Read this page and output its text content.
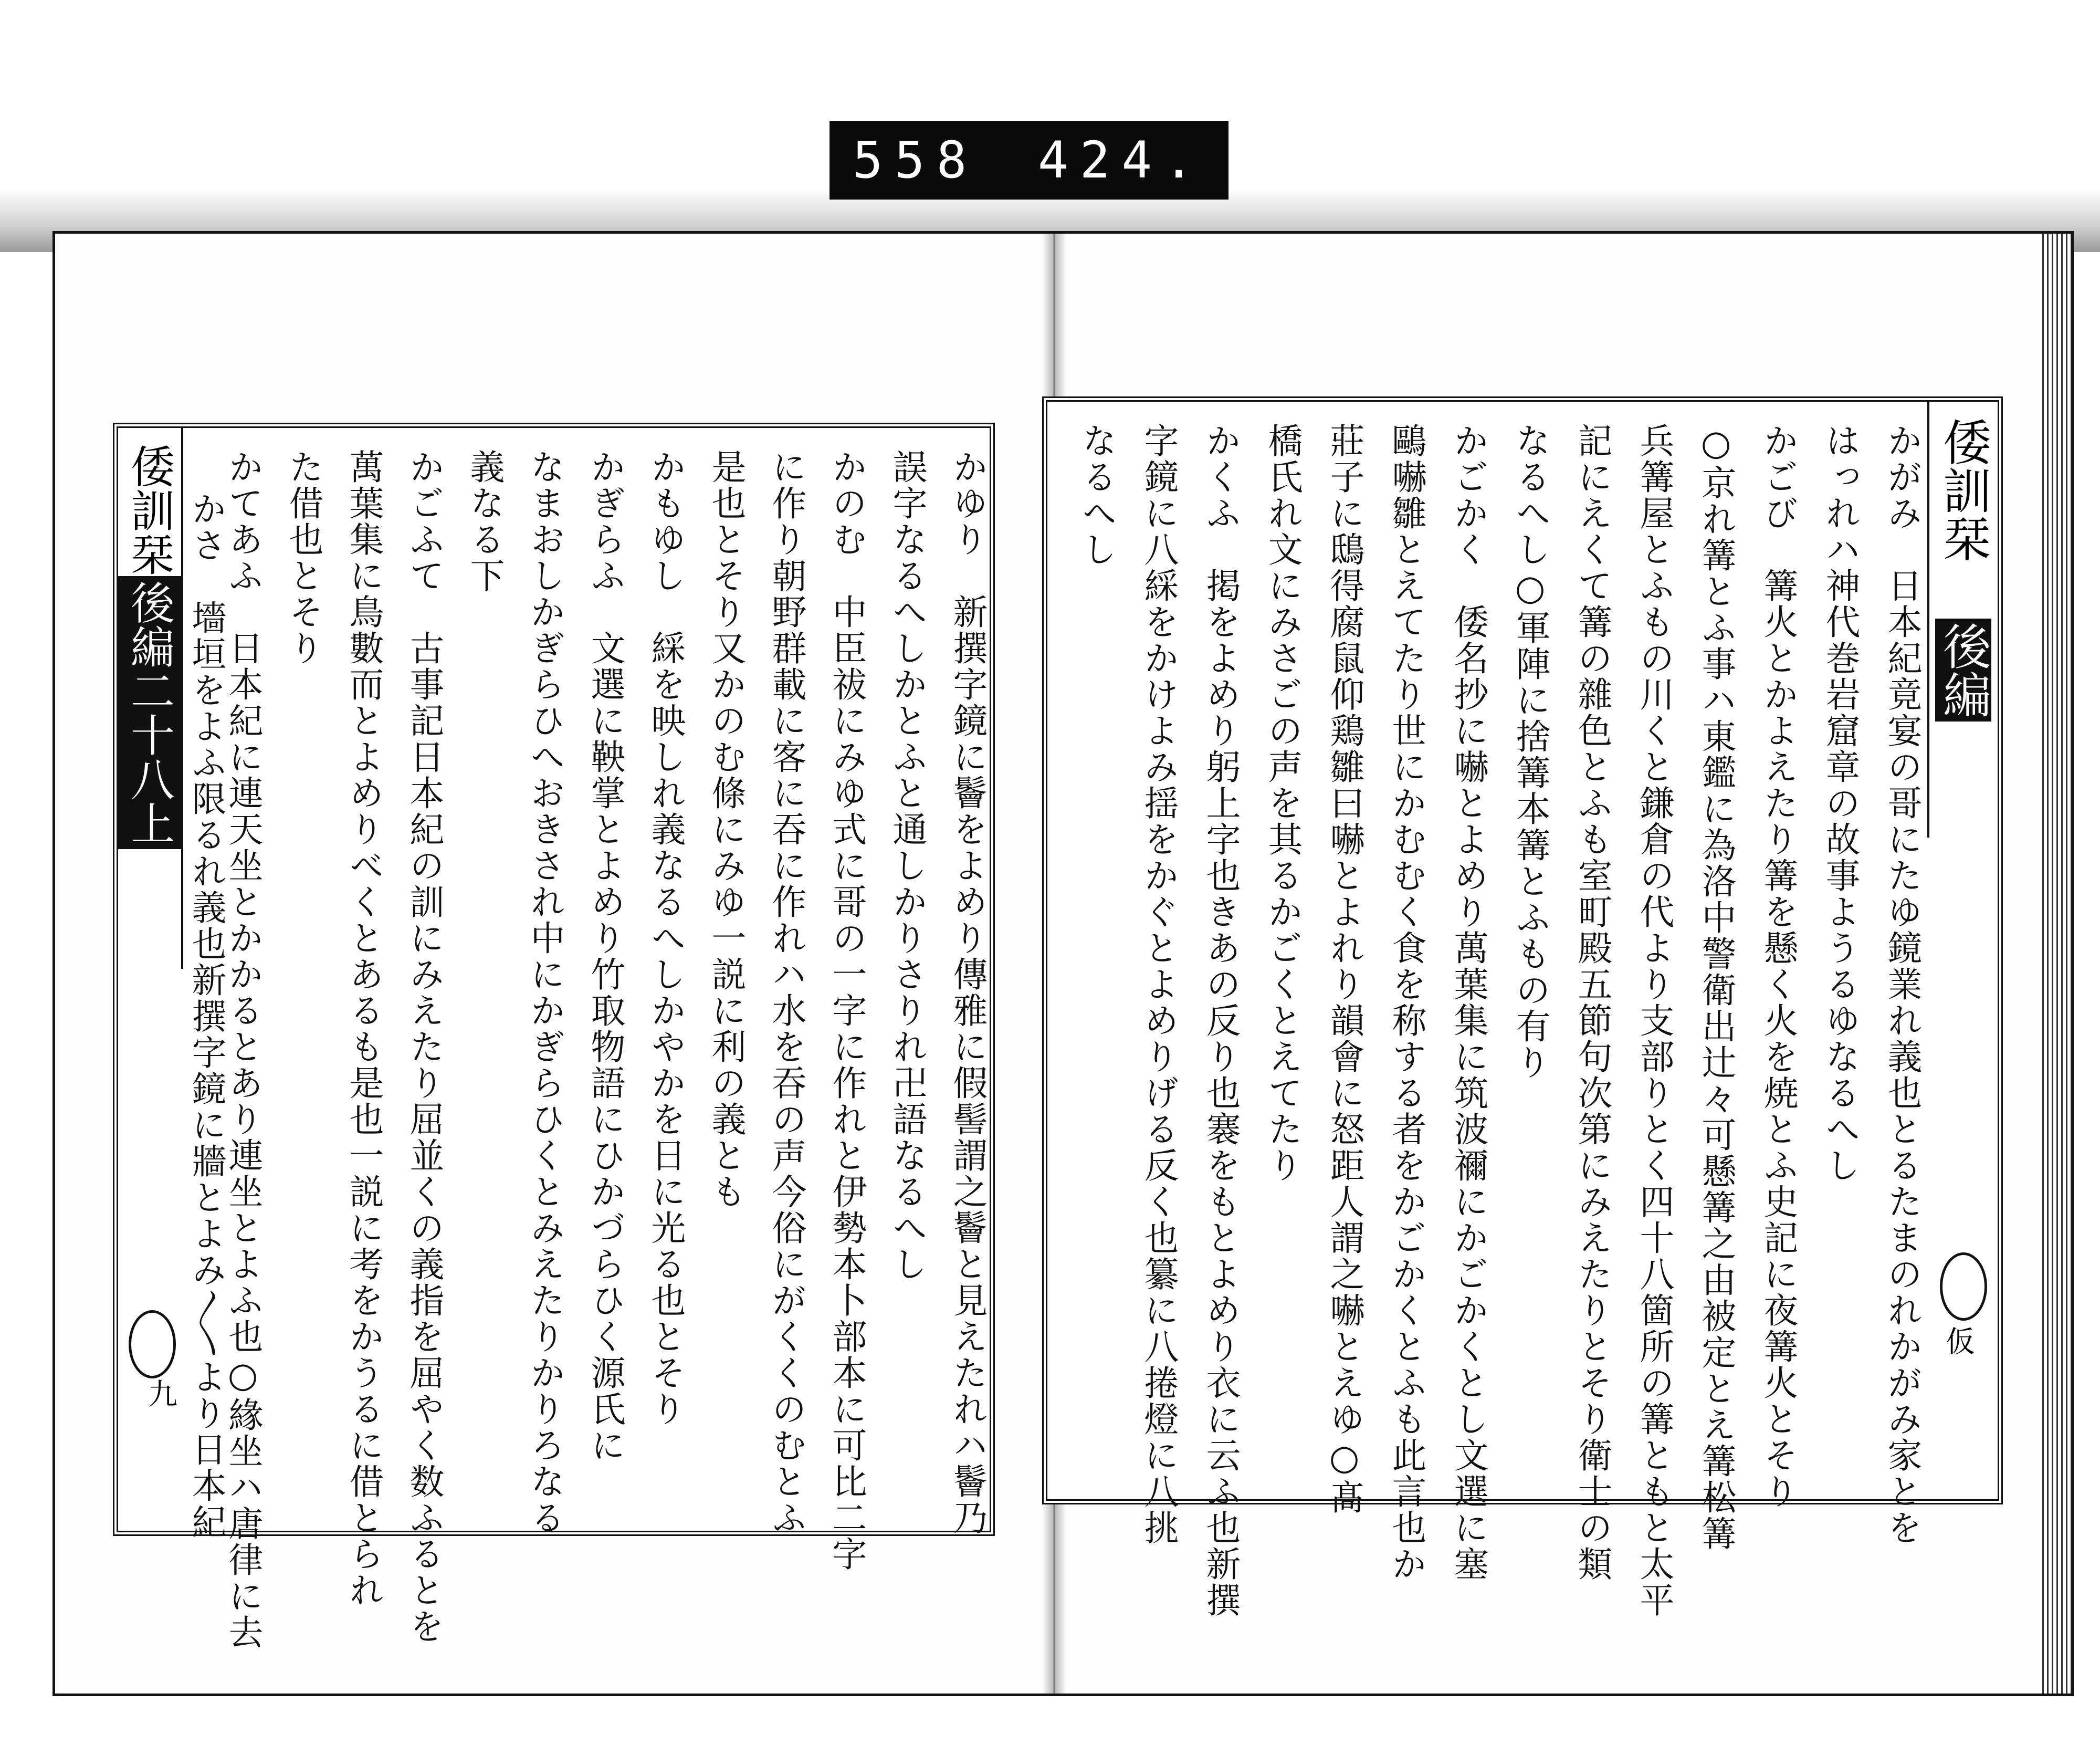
558 424.
倭訓栞
後編二十八上
九	かゆり　新撰字鏡に鬠をよめり傳雅に假髻謂之鬠と見えたれハ鬠乃
誤字なるへしかとふと通しかりさりれ卍語なるへし
かのむ　中臣祓にみゆ式に哥の一字に作れと伊勢本卜部本に可比二字
に作り朝野群載に客に吞に作れハ水を吞の声今俗にがくくのむとふ
是也とそり又かのむ條にみゆ一説に利の義とも
かもゆし　綵を映しれ義なるへしかやかを日に光る也とそり
かぎらふ　文選に鞅掌とよめり竹取物語にひかづらひく源氏に
なまおしかぎらひへおきされ中にかぎらひくとみえたりかりろなる
義なる下
かごふて　古事記日本紀の訓にみえたり屈並くの義指を屈やく数ふるとを
萬葉集に鳥數而とよめりべくとあるも是也一説に考をかうるに借とられ
た借也とそり
かてあふ　日本紀に連天坐とかかるとあり連坐とよふ也○緣坐ハ唐律に去
かさ　墻垣をよふ限るれ義也新撰字鏡に牆とよみ〳〵より日本紀
倭訓栞 後編
仮
かがみ　日本紀竟宴の哥にたゆ鏡業れ義也とるたまのれかがみ家とを
はっれハ神代巻岩窟章の故事ようるゆなるへし
かごび　篝火とかよえたり篝を懸く火を焼とふ史記に夜篝火とそり
○京れ篝とふ事ハ東鑑に為洛中警衛出辻々可懸篝之由被定とえ篝松篝
兵篝屋とふもの川くと鎌倉の代より支部りとく四十八箇所の篝ともと太平
記にえくて篝の雜色とふも室町殿五節句次第にみえたりとそり衛士の類
なるへし○軍陣に捨篝本篝とふもの有り
かごかく　倭名抄に嚇とよめり萬葉集に筑波禰にかごかくとし文選に塞
鷗嚇雛とえてたり世にかむむく食を称する者をかごかくとふも此言也か
莊子に鴟得腐鼠仰鶏雛曰嚇とよれり韻會に怒距人謂之嚇とえゆ○髙
橋氏れ文にみさごの声を其るかごくとえてたり
かくふ　掲をよめり躬上字也きあの反り也褰をもとよめり衣に云ふ也新撰
字鏡に八綵をかけよみ揺をかぐとよめりげる反く也纂に八捲燈に八挑
なるへし
